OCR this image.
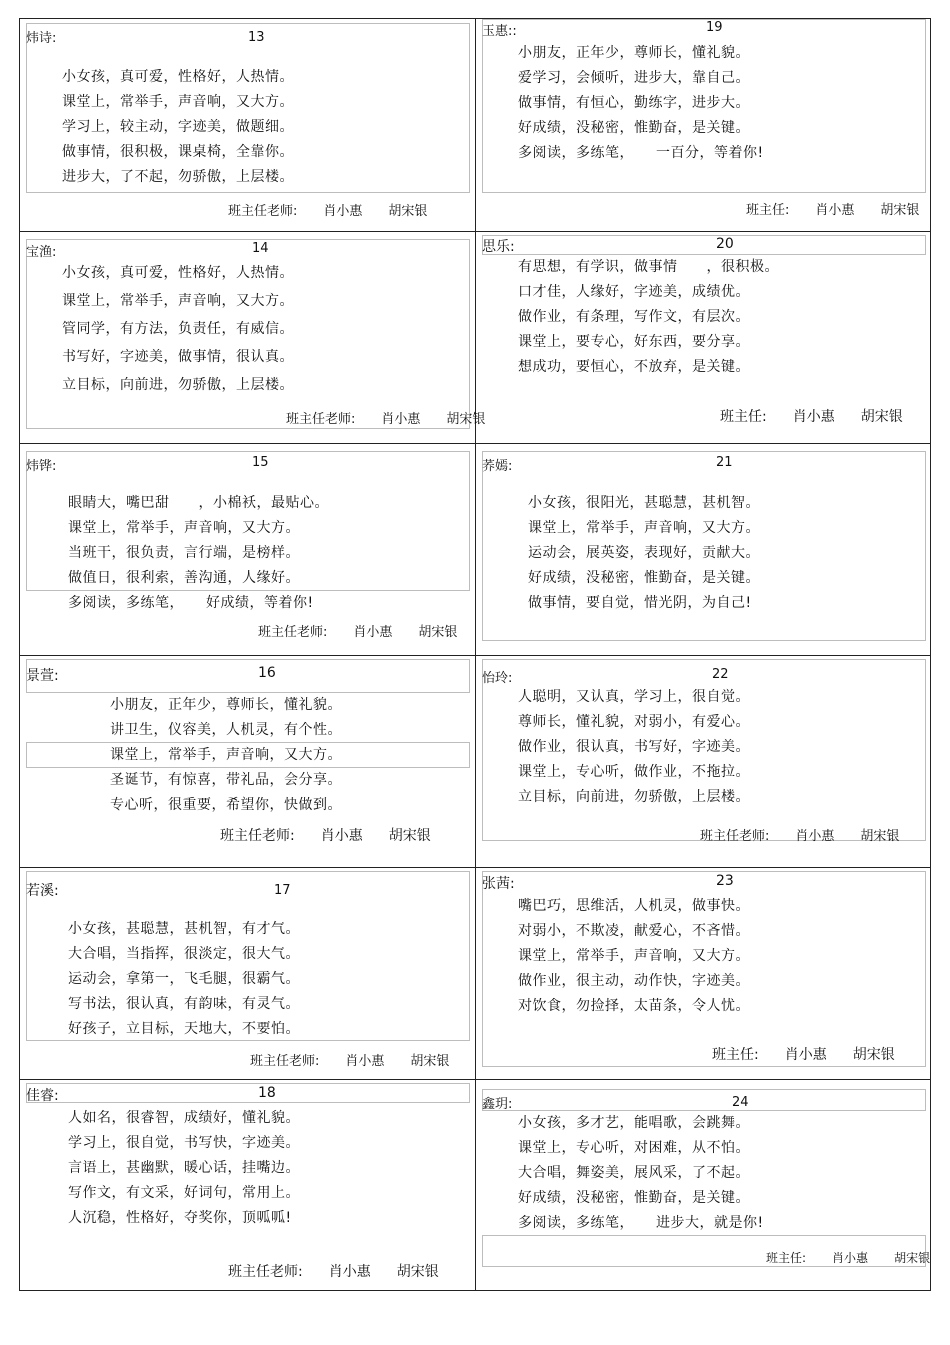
炜诗:	13
小女孩，真可爱，性格好，人热情。
课堂上，常举手，声音响，又大方。
学习上，较主动，字迹美，做题细。
做事情，很积极，课桌椅，全靠你。
进步大，了不起，勿骄傲，上层楼。
班主任老师: 肖小惠 胡宋银
玉惠::	19
小朋友，正年少，尊师长，懂礼貌。
爱学习，会倾听，进步大，靠自己。
做事情，有恒心，勤练字，进步大。
好成绩，没秘密，惟勤奋，是关键。
多阅读，多练笔，　　一百分，等着你!
班主任: 肖小惠 胡宋银
宝渔:	14
小女孩，真可爱，性格好，人热情。
课堂上，常举手，声音响，又大方。
管同学，有方法，负责任，有威信。
书写好，字迹美，做事情，很认真。
立目标，向前进，勿骄傲，上层楼。
班主任老师: 肖小惠 胡宋银
思乐:	20
有思想，有学识，做事情　　，很积极。
口才佳，人缘好，字迹美，成绩优。
做作业，有条理，写作文，有层次。
课堂上，要专心，好东西，要分享。
想成功，要恒心，不放弃，是关键。
班主任: 肖小惠 胡宋银
炜铧:	15
眼睛大，嘴巴甜　　，小棉袄，最贴心。
课堂上，常举手，声音响，又大方。
当班干，很负责，言行端，是榜样。
做值日，很利索，善沟通，人缘好。
多阅读，多练笔，　　好成绩，等着你!
班主任老师: 肖小惠 胡宋银
荞嫣:	21
小女孩，很阳光，甚聪慧，甚机智。
课堂上，常举手，声音响，又大方。
运动会，展英姿，表现好，贡献大。
好成绩，没秘密，惟勤奋，是关键。
做事情，要自觉，惜光阴，为自己!
景萱:	16
小朋友，正年少，尊师长，懂礼貌。
讲卫生，仪容美，人机灵，有个性。
课堂上，常举手，声音响，又大方。
圣诞节，有惊喜，带礼品，会分享。
专心听，很重要，希望你，快做到。
班主任老师: 肖小惠 胡宋银
怡玲:	22
人聪明，又认真，学习上，很自觉。
尊师长，懂礼貌，对弱小，有爱心。
做作业，很认真，书写好，字迹美。
课堂上，专心听，做作业，不拖拉。
立目标，向前进，勿骄傲，上层楼。
班主任老师: 肖小惠 胡宋银
若溪:	17
小女孩，甚聪慧，甚机智，有才气。
大合唱，当指挥，很淡定，很大气。
运动会，拿第一，飞毛腿，很霸气。
写书法，很认真，有韵味，有灵气。
好孩子，立目标，天地大，不要怕。
班主任老师: 肖小惠 胡宋银
张茜:	23
嘴巴巧，思维活，人机灵，做事快。
对弱小，不欺凌，献爱心，不吝惜。
课堂上，常举手，声音响，又大方。
做作业，很主动，动作快，字迹美。
对饮食，勿捡择，太苗条，令人忧。
班主任: 肖小惠 胡宋银
佳睿:	18
人如名，很睿智，成绩好，懂礼貌。
学习上，很自觉，书写快，字迹美。
言语上，甚幽默，暖心话，挂嘴边。
写作文，有文采，好词句，常用上。
人沉稳，性格好，夺奖你，顶呱呱!
班主任老师: 肖小惠 胡宋银
鑫玥:	24
小女孩，多才艺，能唱歌，会跳舞。
课堂上，专心听，对困难，从不怕。
大合唱，舞姿美，展风采，了不起。
好成绩，没秘密，惟勤奋，是关键。
多阅读，多练笔，　　进步大，就是你!
班主任: 肖小惠 胡宋银
